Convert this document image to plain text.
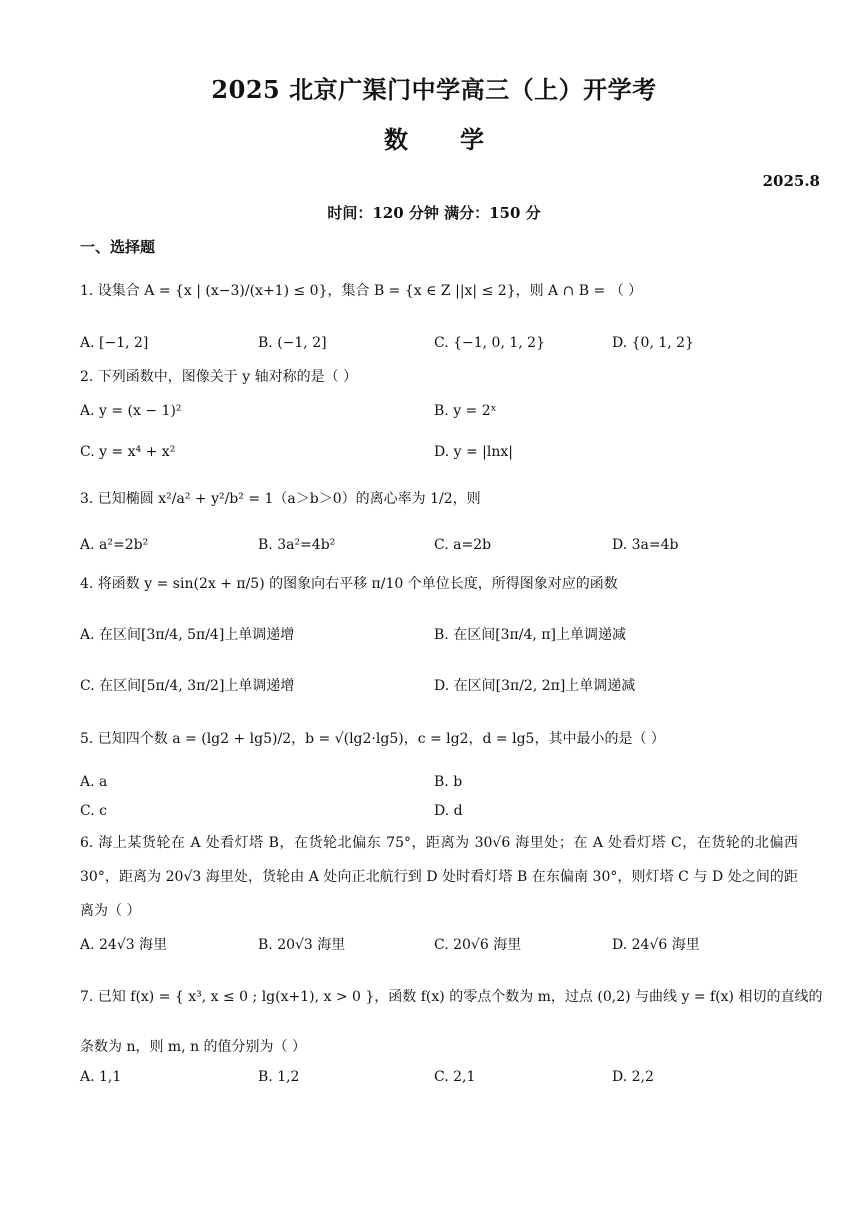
2025 北京广渠门中学高三（上）开学考
数学
2025.8
时间：120 分钟 满分：150 分
一、选择题
1. 设集合 A = {x | (x−3)/(x+1) ≤ 0}，集合 B = {x ∈ Z ||x| ≤ 2}，则 A ∩ B = （ ）
A. [−1, 2]	B. (−1, 2]	C. {−1, 0, 1, 2}	D. {0, 1, 2}
2. 下列函数中，图像关于 y 轴对称的是（ ）
A. y = (x − 1)²	B. y = 2ˣ
C. y = x⁴ + x²	D. y = |lnx|
3. 已知椭圆 x²/a² + y²/b² = 1（a＞b＞0）的离心率为 1/2，则
A. a²=2b²	B. 3a²=4b²	C. a=2b	D. 3a=4b
4. 将函数 y = sin(2x + π/5) 的图象向右平移 π/10 个单位长度，所得图象对应的函数
A. 在区间[3π/4, 5π/4]上单调递增	B. 在区间[3π/4, π]上单调递减
C. 在区间[5π/4, 3π/2]上单调递增	D. 在区间[3π/2, 2π]上单调递减
5. 已知四个数 a = (lg2 + lg5)/2，b = √(lg2·lg5)，c = lg2，d = lg5，其中最小的是（ ）
A. a	B. b
C. c	D. d
6. 海上某货轮在 A 处看灯塔 B，在货轮北偏东 75°，距离为 30√6 海里处；在 A 处看灯塔 C，在货轮的北偏西 30°，距离为 20√3 海里处，货轮由 A 处向正北航行到 D 处时看灯塔 B 在东偏南 30°，则灯塔 C 与 D 处之间的距离为（ ）
A. 24√3 海里	B. 20√3 海里	C. 20√6 海里	D. 24√6 海里
7. 已知 f(x) = { x³, x ≤ 0 ; lg(x+1), x > 0 }，函数 f(x) 的零点个数为 m，过点 (0,2) 与曲线 y = f(x) 相切的直线的
条数为 n，则 m, n 的值分别为（ ）
A. 1,1	B. 1,2	C. 2,1	D. 2,2
